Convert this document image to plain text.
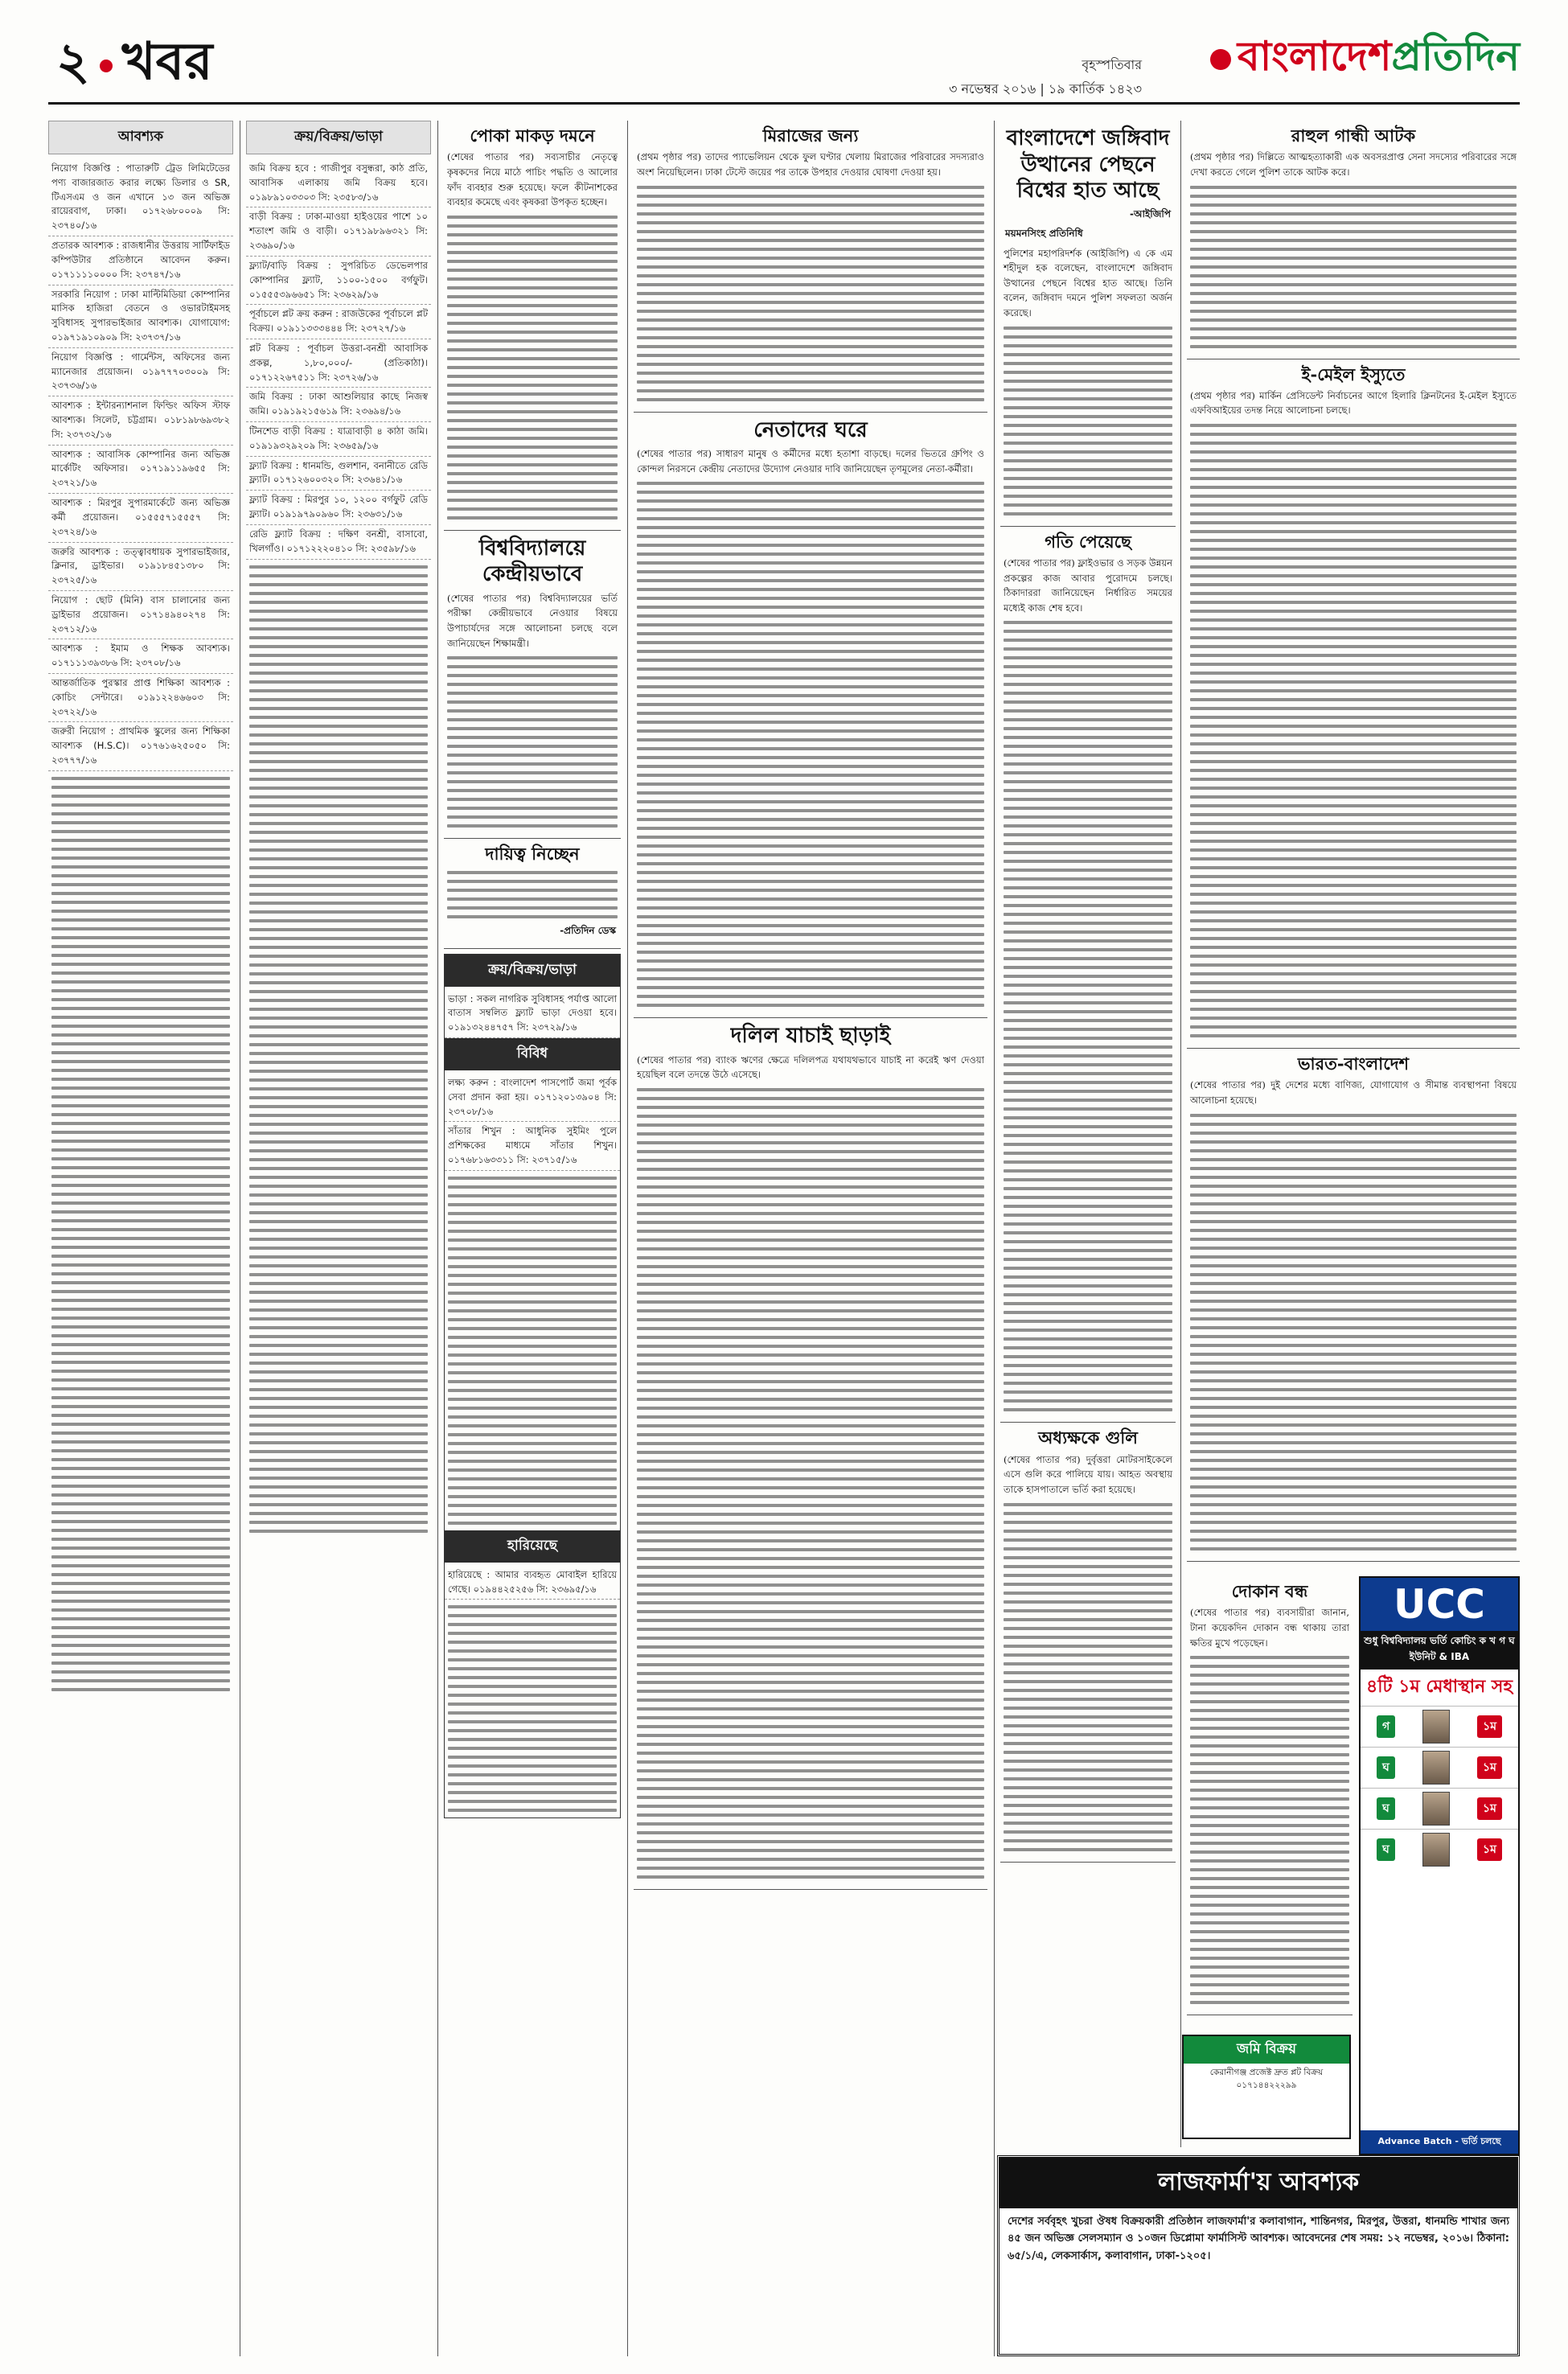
২ খবর	বৃহস্পতিবার
৩ নভেম্বর ২০১৬ | ১৯ কার্তিক ১৪২৩
বাংলাদেশ প্রতিদিন
আবশ্যক
নিয়োগ বিজ্ঞপ্তি : পাতারুটি ট্রেড লিমিটেডের পণ্য বাজারজাত করার লক্ষ্যে ডিলার ও SR, টিএসএম ও জন এখানে ১৩ জন অভিজ্ঞ রায়েরবাগ, ঢাকা। ০১৭২৬৮০০০৯ সি: ২৩৭৪০/১৬
প্রতারক আবশ্যক : রাজধানীর উত্তরায় সার্টিফাইড কম্পিউটার প্রতিষ্ঠানে আবেদন করুন। ০১৭১১১১০০০০ সি: ২৩৭৪৭/১৬
সরকারি নিয়োগ : ঢাকা মাল্টিমিডিয়া কোম্পানির মাসিক হাজিরা বেতনে ও ওভারটাইমসহ সুবিধাসহ সুপারভাইজার আবশ্যক। যোগাযোগ: ০১৯৭১৯১০৯০৯ সি: ২৩৭৩৭/১৬
নিয়োগ বিজ্ঞপ্তি : গার্মেন্টস, অফিসের জন্য ম্যানেজার প্রয়োজন। ০১৯৭৭৭০৩০০৯ সি: ২৩৭৩৬/১৬
আবশ্যক : ইন্টারন্যাশনাল ফিল্ডিং অফিস স্টাফ আবশ্যক। সিলেট, চট্টগ্রাম। ০১৮১৯৮৬৯৩৮২ সি: ২৩৭৩২/১৬
আবশ্যক : আবাসিক কোম্পানির জন্য অভিজ্ঞ মার্কেটিং অফিসার। ০১৭১৯১১৯৬৫৫ সি: ২৩৭২১/১৬
আবশ্যক : মিরপুর সুপারমার্কেটে জন্য অভিজ্ঞ কর্মী প্রয়োজন। ০১৫৫৫৭১৫৫৫৭ সি: ২৩৭২৪/১৬
জরুরি আবশ্যক : তত্ত্বাবধায়ক সুপারভাইজার, ক্লিনার, ড্রাইভার। ০১৯১৮৪৫১৩৮০ সি: ২৩৭২৫/১৬
নিয়োগ : ছোট (মিনি) বাস চালানোর জন্য ড্রাইভার প্রয়োজন। ০১৭১৪৯৪০২৭৪ সি: ২৩৭১২/১৬
আবশ্যক : ইমাম ও শিক্ষক আবশ্যক। ০১৭১১১৩৯৩৮৬ সি: ২৩৭০৮/১৬
আন্তর্জাতিক পুরস্কার প্রাপ্ত শিক্ষিকা আবশ্যক : কোচিং সেন্টারে। ০১৯১২২৪৬৬০৩ সি: ২৩৭২২/১৬
জরুরী নিয়োগ : প্রাথমিক স্কুলের জন্য শিক্ষিকা আবশ্যক (H.S.C)। ০১৭৬১৬২৫০৫০ সি: ২৩৭৭৭/১৬
ক্রয়/বিক্রয়/ভাড়া
জমি বিক্রয় হবে : গাজীপুর বসুন্ধরা, কাঠ প্রতি, আবাসিক এলাকায় জমি বিক্রয় হবে। ০১৯৮৯১০৩৩০৩ সি: ২৩৫৮৩/১৬
বাড়ী বিক্রয় : ঢাকা-মাওয়া হাইওয়ের পাশে ১০ শতাংশ জমি ও বাড়ী। ০১৭১৯৮৯৬৩২১ সি: ২৩৬৯০/১৬
ফ্ল্যাট/বাড়ি বিক্রয় : সুপরিচিত ডেভেলপার কোম্পানির ফ্ল্যাট, ১১০০-১৫০০ বর্গফুট। ০১৫৫৫৩৯৬৬৫১ সি: ২৩৬২৯/১৬
পূর্বাচলে প্লট ক্রয় করুন : রাজউকের পূর্বাচলে প্লট বিক্রয়। ০১৯১১৩৩৩৪৪৪ সি: ২৩৭২৭/১৬
প্লট বিক্রয় : পূর্বাচল উত্তরা-বনশ্রী আবাসিক প্রকল্প, ১,৮০,০০০/- (প্রতিকাঠা)। ০১৭১২২৬৭৫১১ সি: ২৩৭২৬/১৬
জমি বিক্রয় : ঢাকা আশুলিয়ার কাছে নিজস্ব জমি। ০১৯১৯২১৫৬১৯ সি: ২৩৬৯৪/১৬
টিনশেড বাড়ী বিক্রয় : যাত্রাবাড়ী ৪ কাঠা জমি। ০১৯১৯৩২৯২০৯ সি: ২৩৬৫৯/১৬
ফ্ল্যাট বিক্রয় : ধানমন্ডি, গুলশান, বনানীতে রেডি ফ্ল্যাট। ০১৭১২৬০০৩২০ সি: ২৩৬৪১/১৬
ফ্ল্যাট বিক্রয় : মিরপুর ১০, ১২০০ বর্গফুট রেডি ফ্ল্যাট। ০১৯১৯৭৯০৯৬০ সি: ২৩৬৩১/১৬
রেডি ফ্ল্যাট বিক্রয় : দক্ষিণ বনশ্রী, বাসাবো, খিলগাঁও। ০১৭১২২২০৪১০ সি: ২৩৫৯৮/১৬
পোকা মাকড় দমনে
(শেষের পাতার পর) সব্যসাচীর নেতৃত্বে কৃষকদের নিয়ে মাঠে পাচিং পদ্ধতি ও আলোর ফাঁদ ব্যবহার শুরু হয়েছে। ফলে কীটনাশকের ব্যবহার কমেছে এবং কৃষকরা উপকৃত হচ্ছেন।
বিশ্ববিদ্যালয়ে কেন্দ্রীয়ভাবে
(শেষের পাতার পর) বিশ্ববিদ্যালয়ের ভর্তি পরীক্ষা কেন্দ্রীয়ভাবে নেওয়ার বিষয়ে উপাচার্যদের সঙ্গে আলোচনা চলছে বলে জানিয়েছেন শিক্ষামন্ত্রী।
দায়িত্ব নিচ্ছেন
-প্রতিদিন ডেস্ক
ক্রয়/বিক্রয়/ভাড়া
ভাড়া : সকল নাগরিক সুবিধাসহ পর্যাপ্ত আলো বাতাস সম্বলিত ফ্ল্যাট ভাড়া দেওয়া হবে। ০১৯১৩২৪৪৭৫৭ সি: ২৩৭২৯/১৬
বিবিধ
লক্ষ্য করুন : বাংলাদেশ পাসপোর্ট জমা পূর্বক সেবা প্রদান করা হয়। ০১৭১২০১৩৯০৪ সি: ২৩৭০৮/১৬
সাঁতার শিখুন : আধুনিক সুইমিং পুলে প্রশিক্ষকের মাধ্যমে সাঁতার শিখুন। ০১৭৬৮১৬৩৩১১ সি: ২৩৭১৫/১৬
হারিয়েছে
হারিয়েছে : আমার ব্যবহৃত মোবাইল হারিয়ে গেছে। ০১৯৪৪২৫২৫৬ সি: ২৩৬৯৫/১৬
মিরাজের জন্য
(প্রথম পৃষ্ঠার পর) তাদের প্যাভেলিয়ন থেকে ফুল ঘণ্টার খেলায় মিরাজের পরিবারের সদস্যরাও অংশ নিয়েছিলেন। ঢাকা টেস্টে জয়ের পর তাকে উপহার দেওয়ার ঘোষণা দেওয়া হয়।
নেতাদের ঘরে
(শেষের পাতার পর) সাধারণ মানুষ ও কর্মীদের মধ্যে হতাশা বাড়ছে। দলের ভিতরে গ্রুপিং ও কোন্দল নিরসনে কেন্দ্রীয় নেতাদের উদ্যোগ নেওয়ার দাবি জানিয়েছেন তৃণমূলের নেতা-কর্মীরা।
দলিল যাচাই ছাড়াই
(শেষের পাতার পর) ব্যাংক ঋণের ক্ষেত্রে দলিলপত্র যথাযথভাবে যাচাই না করেই ঋণ দেওয়া হয়েছিল বলে তদন্তে উঠে এসেছে।
বাংলাদেশে জঙ্গিবাদ উত্থানের পেছনে বিশ্বের হাত আছে
-আইজিপি
ময়মনসিংহ প্রতিনিধি
পুলিশের মহাপরিদর্শক (আইজিপি) এ কে এম শহীদুল হক বলেছেন, বাংলাদেশে জঙ্গিবাদ উত্থানের পেছনে বিশ্বের হাত আছে। তিনি বলেন, জঙ্গিবাদ দমনে পুলিশ সফলতা অর্জন করেছে।
গতি পেয়েছে
(শেষের পাতার পর) ফ্লাইওভার ও সড়ক উন্নয়ন প্রকল্পের কাজ আবার পুরোদমে চলছে। ঠিকাদাররা জানিয়েছেন নির্ধারিত সময়ের মধ্যেই কাজ শেষ হবে।
অধ্যক্ষকে গুলি
(শেষের পাতার পর) দুর্বৃত্তরা মোটরসাইকেলে এসে গুলি করে পালিয়ে যায়। আহত অবস্থায় তাকে হাসপাতালে ভর্তি করা হয়েছে।
রাহুল গান্ধী আটক
(প্রথম পৃষ্ঠার পর) দিল্লিতে আত্মহত্যাকারী এক অবসরপ্রাপ্ত সেনা সদস্যের পরিবারের সঙ্গে দেখা করতে গেলে পুলিশ তাকে আটক করে।
ই-মেইল ইস্যুতে
(প্রথম পৃষ্ঠার পর) মার্কিন প্রেসিডেন্ট নির্বাচনের আগে হিলারি ক্লিনটনের ই-মেইল ইস্যুতে এফবিআইয়ের তদন্ত নিয়ে আলোচনা চলছে।
ভারত-বাংলাদেশ
(শেষের পাতার পর) দুই দেশের মধ্যে বাণিজ্য, যোগাযোগ ও সীমান্ত ব্যবস্থাপনা বিষয়ে আলোচনা হয়েছে।
দোকান বন্ধ
(শেষের পাতার পর) ব্যবসায়ীরা জানান, টানা কয়েকদিন দোকান বন্ধ থাকায় তারা ক্ষতির মুখে পড়েছেন।
UCC
শুধু বিশ্ববিদ্যালয় ভর্তি কোচিং ক খ গ ঘ ইউনিট & IBA
৪টি ১ম মেধাস্থান সহ
গ	১ম
ঘ	১ম
ঘ	১ম
ঘ	১ম
Advance Batch - ভর্তি চলছে
জমি বিক্রয়
কেরানীগঞ্জ প্রজেক্ট দ্রুত প্লট বিক্রয় ০১৭১৪৪২২২৯৯
লাজফার্মা'য় আবশ্যক
দেশের সর্ববৃহৎ খুচরা ঔষধ বিক্রয়কারী প্রতিষ্ঠান লাজফার্মা'র কলাবাগান, শান্তিনগর, মিরপুর, উত্তরা, ধানমন্ডি শাখার জন্য ৪৫ জন অভিজ্ঞ সেলসম্যান ও ১০জন ডিপ্লোমা ফার্মাসিস্ট আবশ্যক। আবেদনের শেষ সময়: ১২ নভেম্বর, ২০১৬। ঠিকানা: ৬৫/১/এ, লেকসার্কাস, কলাবাগান, ঢাকা-১২০৫।
